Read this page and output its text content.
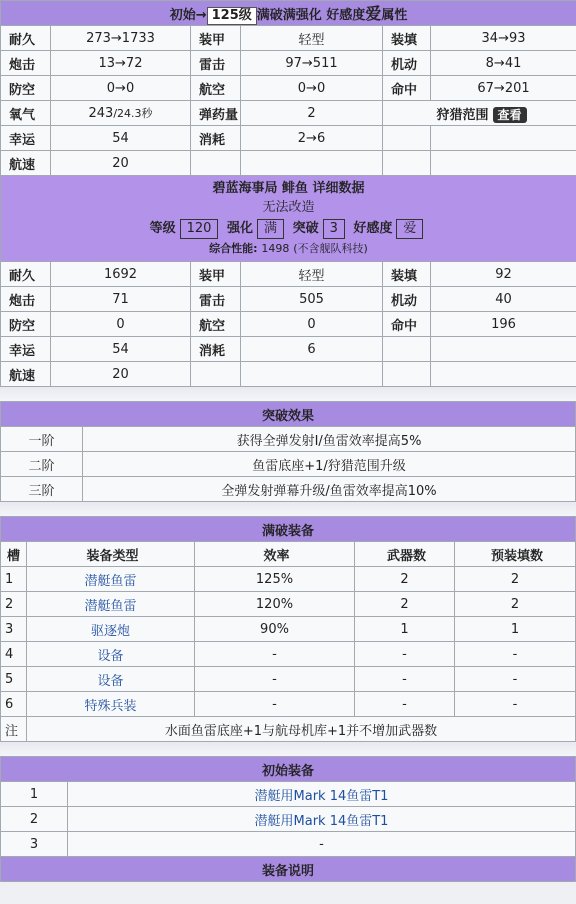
初始→ 125级 满破满强化 好感度爱属性					
耐久	273→1733	装甲	轻型	装填	34→93
炮击	13→72	雷击	97→511	机动	8→41
防空	0→0	航空	0→0	命中	67→201
氧气	243/24.3秒	弹药量	2	狩猎范围 查看	
幸运	54	消耗	2→6		
航速	20				

碧蓝海事局 鲱鱼 详细数据
无法改造
等级 120 强化 满 突破 3 好感度 爱
综合性能: 1498 (不含舰队科技)					

耐久	1692	装甲	轻型	装填	92
炮击	71	雷击	505	机动	40
防空	0	航空	0	命中	196
幸运	54	消耗	6		
航速	20				
突破效果	
一阶	获得全弹发射I/鱼雷效率提高5%
二阶	鱼雷底座+1/狩猎范围升级
三阶	全弹发射弹幕升级/鱼雷效率提高10%
满破装备				
槽	装备类型	效率	武器数	预装填数
1	潜艇鱼雷	125%	2	2
2	潜艇鱼雷	120%	2	2
3	驱逐炮	90%	1	1
4	设备	-	-	-
5	设备	-	-	-
6	特殊兵装	-	-	-
注	水面鱼雷底座+1与航母机库+1并不增加武器数			
初始装备	
1	潜艇用Mark 14鱼雷T1
2	潜艇用Mark 14鱼雷T1
3	-
装备说明	
